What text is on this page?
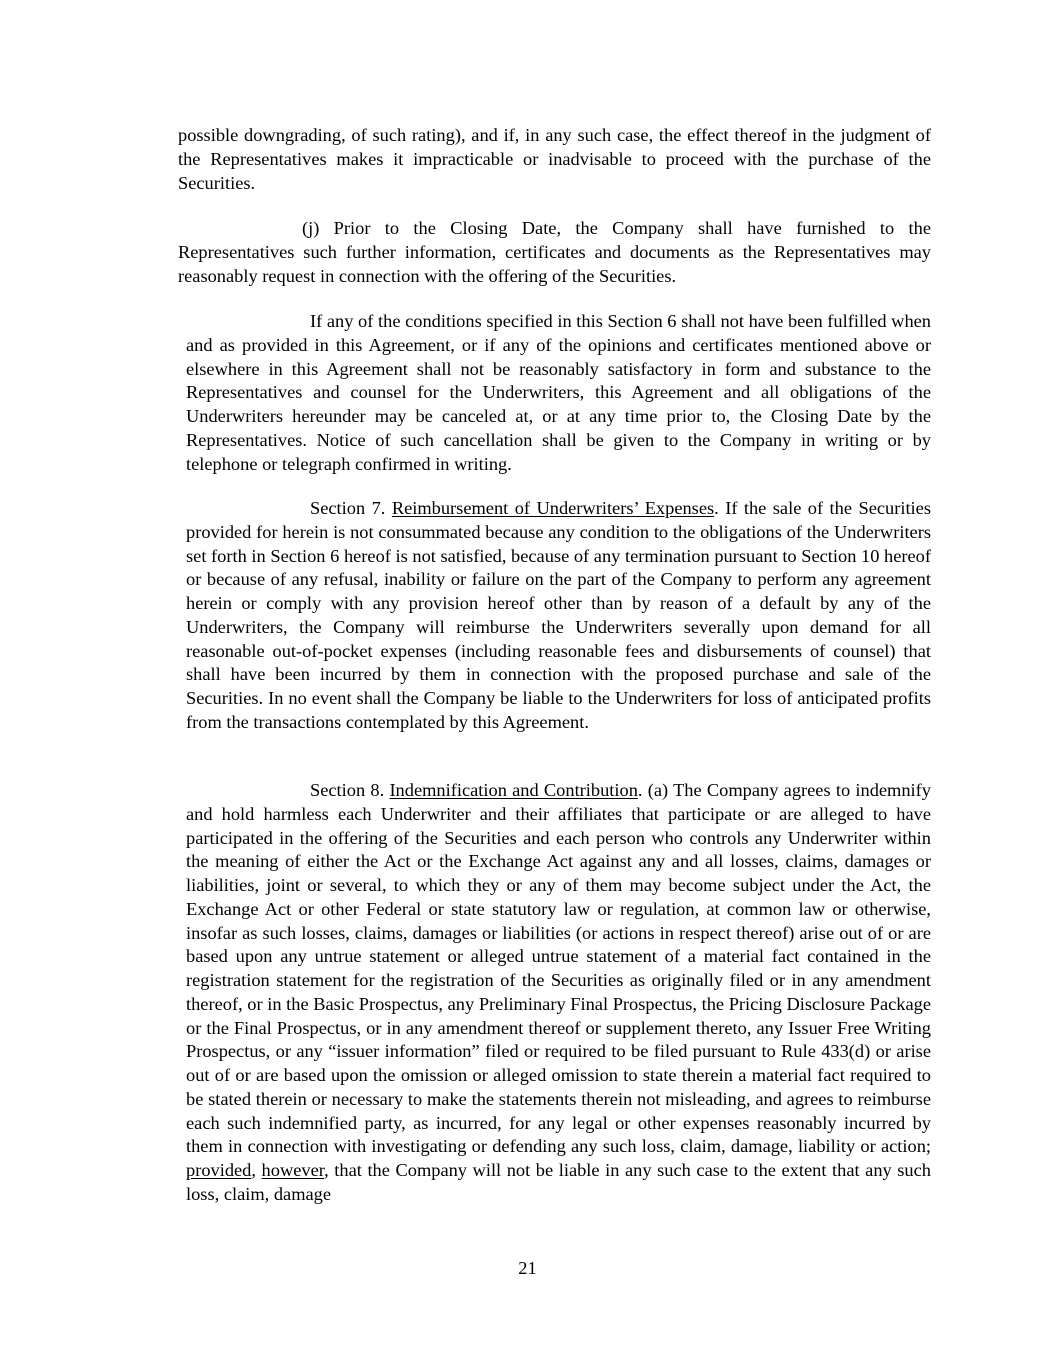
possible downgrading, of such rating), and if, in any such case, the effect thereof in the judgment of the Representatives makes it impracticable or inadvisable to proceed with the purchase of the Securities.

(j) Prior to the Closing Date, the Company shall have furnished to the Representatives such further information, certificates and documents as the Representatives may reasonably request in connection with the offering of the Securities.

If any of the conditions specified in this Section 6 shall not have been fulfilled when and as provided in this Agreement, or if any of the opinions and certificates mentioned above or elsewhere in this Agreement shall not be reasonably satisfactory in form and substance to the Representatives and counsel for the Underwriters, this Agreement and all obligations of the Underwriters hereunder may be canceled at, or at any time prior to, the Closing Date by the Representatives. Notice of such cancellation shall be given to the Company in writing or by telephone or telegraph confirmed in writing.

Section 7. Reimbursement of Underwriters’ Expenses. If the sale of the Securities provided for herein is not consummated because any condition to the obligations of the Underwriters set forth in Section 6 hereof is not satisfied, because of any termination pursuant to Section 10 hereof or because of any refusal, inability or failure on the part of the Company to perform any agreement herein or comply with any provision hereof other than by reason of a default by any of the Underwriters, the Company will reimburse the Underwriters severally upon demand for all reasonable out-of-pocket expenses (including reasonable fees and disbursements of counsel) that shall have been incurred by them in connection with the proposed purchase and sale of the Securities. In no event shall the Company be liable to the Underwriters for loss of anticipated profits from the transactions contemplated by this Agreement.

Section 8. Indemnification and Contribution. (a) The Company agrees to indemnify and hold harmless each Underwriter and their affiliates that participate or are alleged to have participated in the offering of the Securities and each person who controls any Underwriter within the meaning of either the Act or the Exchange Act against any and all losses, claims, damages or liabilities, joint or several, to which they or any of them may become subject under the Act, the Exchange Act or other Federal or state statutory law or regulation, at common law or otherwise, insofar as such losses, claims, damages or liabilities (or actions in respect thereof) arise out of or are based upon any untrue statement or alleged untrue statement of a material fact contained in the registration statement for the registration of the Securities as originally filed or in any amendment thereof, or in the Basic Prospectus, any Preliminary Final Prospectus, the Pricing Disclosure Package or the Final Prospectus, or in any amendment thereof or supplement thereto, any Issuer Free Writing Prospectus, or any “issuer information” filed or required to be filed pursuant to Rule 433(d) or arise out of or are based upon the omission or alleged omission to state therein a material fact required to be stated therein or necessary to make the statements therein not misleading, and agrees to reimburse each such indemnified party, as incurred, for any legal or other expenses reasonably incurred by them in connection with investigating or defending any such loss, claim, damage, liability or action; provided, however, that the Company will not be liable in any such case to the extent that any such loss, claim, damage

21
